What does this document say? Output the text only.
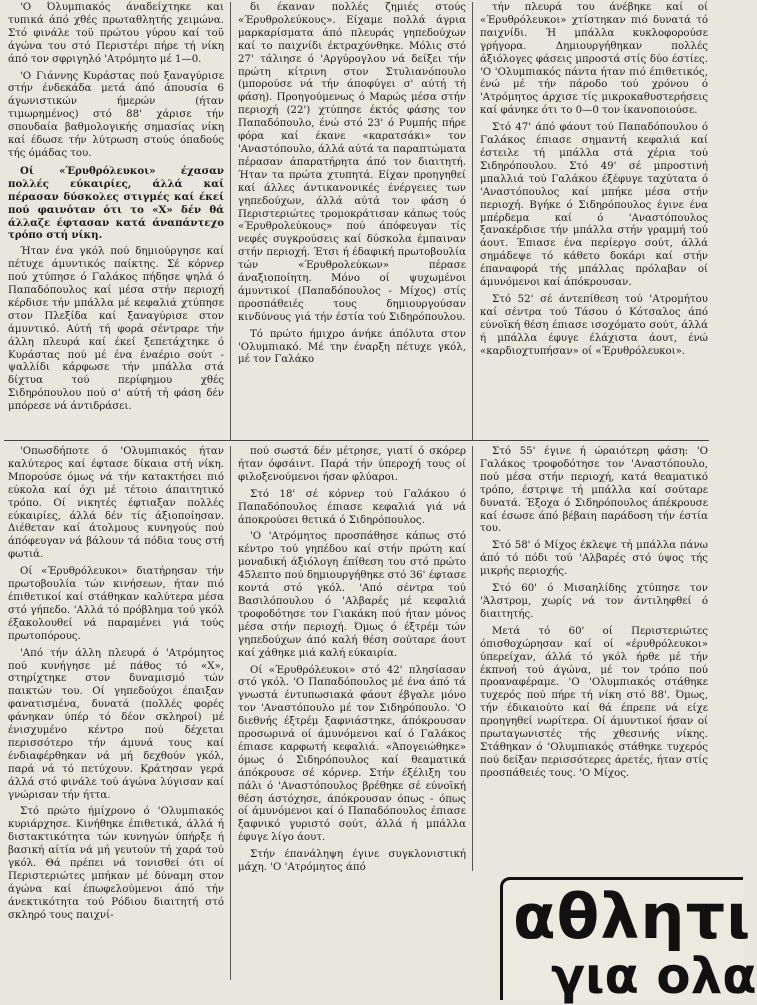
'Ο Όλυμπιακός άναδείχτηκε και τυπικά άπό χθές πρωταθλητής χειμώνα. Στό φινάλε τοϋ πρώτου γύρου καί τοϋ άγώνα του στό Περιστέρι πήρε τή νίκη άπό τον σφριγηλό 'Ατρόμητο μέ 1—0.

'Ο Γιάννης Κυράστας πού ξαναγύρισε στήν ένδεκάδα μετά άπό άπουσία 6 άγωνιστικών ήμερών (ήταν τιμωρημένος) στό 88' χάρισε τήν σπουδαία βαθμολογικής σημασίας νίκη καί έδωσε τήν λύτρωση στούς όπαδούς τής όμάδας του.

Οί «Έρυθρόλευκοι» έχασαν πολλές εύκαιρίες, άλλά καί πέρασαν δύσκολες στιγμές καί έκεί πού φαινόταν ότι το «Χ» δέν θά άλλαζε έφτασαν κατά άναπάντεχο τρόπο στή νίκη.

Ήταν ένα γκόλ πού δημιούργησε καί πέτυχε άμυντικός παίκτης. Σέ κόρνερ πού χτύπησε ό Γαλάκος πήδησε ψηλά ό Παπαδόπουλος καί μέσα στήν περιοχή κέρδισε τήν μπάλλα μέ κεφαλιά χτύπησε στον Πλεξίδα καί ξαναγύρισε στον άμυντικό. Αύτή τή φορά σέντραρε τήν άλλη πλευρά καί έκεί ξεπετάχτηκε ό Κυράστας πού μέ ένα έναέριο σούτ - ψαλλίδι κάρφωσε τήν μπάλλα στά δίχτυα τού περίφημου χθές Σιδηρόπουλου πού σ' αύτή τή φάση δέν μπόρεσε νά άντιδράσει.

δι έκαναν πολλές ζημιές στούς «Έρυθρολεύκους». Είχαμε πολλά άγρια μαρκαρίσματα άπό πλευράς γηπεδούχων καί το παιχνίδι έκτραχύνθηκε. Μόλις στό 27' τάλιησε ό 'Αργύρογλου νά δείξει τήν πρώτη κίτρινη στον Στυλιανόπουλο (μπορούσε νά τήν άποφύγει σ' αύτή τή φάση). Προηγούμενως ό Μαρώς μέσα στήν περιοχή (22') χτύπησε έκτός φάσης τον Παπαδόπουλο, ένώ στό 23' ό Ρυμπής πήρε φόρα καί έκανε «καρατσάκι» τον 'Αναστόπουλο, άλλά αύτά τα παραπτώματα πέρασαν άπαρατήρητα άπό τον διαιτητή. Ήταν τα πρώτα χτυπητά. Είχαν προηγηθεί καί άλλες άντικανονικές ένέργειες των γηπεδούχων, άλλά αύτά τον φάση ό Περιστεριώτες τρομοκράτισαν κάπως τούς «Έρυθρολεύκους» πού άπόφευγαν τίς νεφές συγκρούσεις καί δύσκολα έμπαιναν στήν περιοχή. Έτσι ή έδαφική πρωτοβουλία τών «Έρυθρολεύκων» πέρασε άναξιοποίητη. Μόνο οί ψυχωμένοι άμυντικοί (Παπαδόπουλος - Μίχος) στίς προσπάθειές τους δημιουργούσαν κινδύνους γιά τήν έστία τού Σιδηρόπουλου.

Τό πρώτο ήμιχρο άνήκε άπόλυτα στον 'Ολυμπιακό. Μέ την έναρξη πέτυχε γκόλ, μέ τον Γαλάκο

τήν πλευρά του άνέβηκε καί οί «Έρυθρόλευκοι» χτίστηκαν πιό δυνατά τό παιχνίδι. Ή μπάλλα κυκλοφορούσε γρήγορα. Δημιουργήθηκαν πολλές άξιόλογες φάσεις μπροστά στίς δύο έστίες. 'Ο 'Ολυμπιακός πάντα ήταν πιό έπιθετικός, ένώ μέ τήν πάροδο τού χρόνου ό 'Ατρόμητος άρχισε τίς μικροκαθυστερήσεις καί φάνηκε ότι το 0—0 τον ίκανοποιούσε.

Στό 47' άπό φάουτ τού Παπαδόπουλου ό Γαλάκος έπιασε σημαντή κεφαλιά καί έστειλε τή μπάλλα στά χέρια τού Σιδηρόπουλου. Στό 49' σέ μπροστινή μπαλλιά τού Γαλάκου έξέφυγε ταχύτατα ό 'Αναστόπουλος καί μπήκε μέσα στήν περιοχή. Βγήκε ό Σιδηρόπουλος έγινε ένα μπέρδεμα καί ό 'Αναστόπουλος ξανακέρδισε τήν μπάλλα στήν γραμμή τού άουτ. Έπιασε ένα περίεργο σούτ, άλλά σημάδεψε τό κάθετο δοκάρι καί στήν έπαναφορά τής μπάλλας πρόλαβαν οί άμυνόμενοι καί άπόκρουσαν.

Στό 52' σέ άντεπίθεση τού 'Ατρομήτου καί σέντρα τού Τάσου ό Κότσαλος άπό εύνοϊκή θέση έπιασε ισοχόματο σούτ, άλλά ή μπάλλα έφυγε έλάχιστα άουτ, ένώ «καρδιοχτυπήσαν» οί «Έρυθρόλευκοι».

'Οπωσδήποτε ό 'Ολυμπιακός ήταν καλύτερος καί έφτασε δίκαια στή νίκη. Μπορούσε όμως νά τήν κατακτήσει πιό εύκολα καί όχι μέ τέτοιο άπαιτητικό τρόπο. Οί νικητές έφτιαξαν πολλές εύκαιρίες, άλλά δέν τίς άξιοποίησαν. Διέθεταν καί άτολμους κυνηγούς πού άπόφευγαν νά βάλουν τά πόδια τους στή φωτιά.

Οί «Έρυθρόλευκοι» διατήρησαν τήν πρωτοβουλία τών κινήσεων, ήταν πιό έπιθετικοί καί στάθηκαν καλύτερα μέσα στό γήπεδο. 'Αλλά τό πρόβλημα τού γκόλ έξακολουθεί νά παραμένει γιά τούς πρωτοπόρους.

'Από τήν άλλη πλευρά ό 'Ατρόμητος πού κυνήγησε μέ πάθος τό «Χ», στηρίχτηκε στον δυναμισμό τών παικτών του. Οί γηπεδούχοι έπαιξαν φανατισμένα, δυνατά (πολλές φορές φάνηκαν ύπέρ τό δέον σκληροί) μέ ένισχυμένο κέντρο πού δέχεται περισσότερο τήν άμυνά τους καί ένδιαφέρθηκαν νά μή δεχθούν γκόλ, παρά νά τό πετύχουν. Κράτησαν γερά άλλά στό φινάλε τού άγώνα λύγισαν καί γνώρισαν τήν ήττα.

Στό πρώτο ήμίχρονο ό 'Ολυμπιακός κυριάρχησε. Κινήθηκε έπιθετικά, άλλά ή διστακτικότητα τών κυνηγών ύπήρξε ή βασική αίτία νά μή γευτούν τή χαρά τού γκόλ. Θά πρέπει νά τονισθεί ότι οί Περιστεριώτες μπήκαν μέ δύναμη στον άγώνα καί έπωφελούμενοι άπό τήν άνεκτικότητα τού Ρόδιου διαιτητή στό σκληρό τους παιχνί-

πού σωστά δέν μέτρησε, γιατί ό σκόρερ ήταν όφσάιντ. Παρά τήν ύπεροχή τους οί φιλοξενούμενοι ήσαν φλύαροι.

Στό 18' σέ κόρνερ τού Γαλάκου ό Παπαδόπουλος έπιασε κεφαλιά γιά νά άποκρούσει θετικά ό Σιδηρόπουλος.

'Ο 'Ατρόμητος προσπάθησε κάπως στό κέντρο τού γηπέδου καί στήν πρώτη καί μοναδική άξιόλογη έπίθεση του στό πρώτο 45λεπτο πού δημιουργήθηκε στό 36' έφτασε κοντά στό γκόλ. 'Από σέντρα τού Βασιλόπουλου ό 'Αλβαρές μέ κεφαλιά τροφοδότησε τον Γιακάκη πού ήταν μόνος μέσα στήν περιοχή. Όμως ό έξτρέμ τών γηπεδούχων άπό καλή θέση σούταρε άουτ καί χάθηκε μιά καλή εύκαιρία.

Οί «Έρυθρόλευκοι» στό 42' πλησίασαν στό γκόλ. 'Ο Παπαδόπουλος μέ ένα άπό τά γνωστά έντυπωσιακά φάουτ έβγαλε μόνο τον 'Αναστόπουλο μέ τον Σιδηρόπουλο. 'Ο διεθνής έξτρέμ ξαφνιάστηκε, άπόκρουσαν προσωρινά οί άμυνόμενοι καί ό Γαλάκος έπιασε καρφωτή κεφαλιά. «Άπογειώθηκε» όμως ό Σιδηρόπουλος καί θεαματικά άπόκρουσε σέ κόρνερ. Στήν έξέλιξη του πάλι ό 'Αναστόπουλος βρέθηκε σέ εύνοϊκή θέση άστόχησε, άπόκρουσαν όπως - όπως οί άμυνόμενοι καί ό Παπαδόπουλος έπιασε ξαφνικό γυριστό σούτ, άλλά ή μπάλλα έφυγε λίγο άουτ.

Στήν έπανάληψη έγινε συγκλονιστική μάχη. 'Ο 'Ατρόμητος άπό

Στό 55' έγινε ή ώραιότερη φάση: 'Ο Γαλάκος τροφοδότησε τον 'Αναστόπουλο, πού μέσα στήν περιοχή, κατά θεαματικό τρόπο, έστριψε τή μπάλλα καί σούταρε δυνατά. Έξοχα ό Σιδηρόπουλος άπέκρουσε καί έσωσε άπό βέβαιη παράδοση τήν έστία του.

Στό 58' ό Μίχος έκλεψε τή μπάλλα πάνω άπό τό πόδι τού 'Αλβαρές στό ύψος τής μικρής περιοχής.

Στό 60' ό Μισαηλίδης χτύπησε τον 'Άλστρομ, χωρίς νά τον άντιληφθεί ό διαιτητής.

Μετά τό 60' οί Περιστεριώτες όπισθοχώρησαν καί οί «έρυθρόλευκοι» ύπερείχαν, άλλά τό γκόλ ήρθε μέ τήν έκπνοή τού άγώνα, μέ τον τρόπο πού προαναφέραμε. 'Ο 'Ολυμπιακός στάθηκε τυχερός πού πήρε τή νίκη στό 88'. Όμως, τήν έδικαιούτο καί θά έπρεπε νά είχε προηγηθεί νωρίτερα. Οί άμυντικοί ήσαν οί πρωταγωνιστές τής χθεσινής νίκης. Στάθηκαν ό 'Ολυμπιακός στάθηκε τυχερός πού δείξαν περισσότερες άρετές, ήταν στίς προσπάθειές τους. 'Ο Μίχος.

αθλητι
για ολα
